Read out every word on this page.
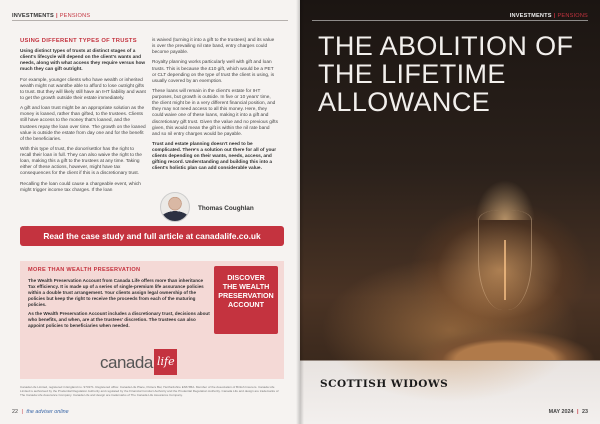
INVESTMENTS | PENSIONS
USING DIFFERENT TYPES OF TRUSTS

Using distinct types of trusts at distinct stages of a client's lifecycle will depend on the client's wants and needs, along with what access they require versus how much they can gift outright.

For example, younger clients who have wealth or inherited wealth might not want/be able to afford to lose outright gifts to trust. But they will likely still have an IHT liability and want to get the growth outside their estate immediately.

A gift and loan trust might be an appropriate solution as the money is loaned, rather than gifted, to the trustees. Clients still have access to the money that's loaned, and the trustees repay the loan over time. The growth on the loaned value is outside the estate from day one and for the benefit of the beneficiaries.

With this type of trust, the donor/settlor has the right to recall their loan in full. They can also waive the right to the loan, making this a gift to the trustees at any time. Taking either of these actions, however, might have tax consequences for the client if this is a discretionary trust.

Recalling the loan could cause a chargeable event, which might trigger income tax charges. If the loan

is waived (turning it into a gift to the trustees) and its value is over the prevailing nil rate band, entry charges could become payable.

Royalty planning works particularly well with gift and loan trusts. This is because the £10 gift, which would be a PET or CLT depending on the type of trust the client is using, is usually covered by an exemption.

These loans will remain in the client's estate for IHT purposes, but growth is outside. In five or 10 years' time, the client might be in a very different financial position, and they may not need access to all this money. Here, they could waive one of these loans, making it into a gift and discretionary gift trust. Given the value and no previous gifts given, this would mean the gift is within the nil rate band and so nil entry charges would be payable.

Trust and estate planning doesn't need to be complicated. There's a solution out there for all of your clients depending on their wants, needs, access, and gifting record. Understanding and building this into a client's holistic plan can add considerable value.

Thomas Coughlan
Read the case study and full article at canadalife.co.uk
MORE THAN WEALTH PRESERVATION

The Wealth Preservation Account from Canada Life offers more than inheritance Tax efficiency. It is made up of a series of single-premium life assurance policies within a double trust arrangement. Your clients assign legal ownership of the policies but keep the right to receive the proceeds from each of the maturing policies.

As the Wealth Preservation Account includes a discretionary trust, decisions about who benefits, and when, are at the trustees' discretion. The trustees can also appoint policies to beneficiaries when needed.

DISCOVER
THE WEALTH
PRESERVATION
ACCOUNT
canada life
Canada Life Limited, registered in England no. 973271. Registered office: Canada Life Place, Potters Bar, Hertfordshire EN6 5BA. Member of the Association of British Insurers. Canada Life Limited is authorised by the Prudential Regulation Authority and regulated by the Financial Conduct Authority and the Prudential Regulation Authority. Canada Life and design are trademarks of The Canada Life Assurance Company. Canada Life and design are trademarks of The Canada Life Assurance Company.
22 | the adviser online
INVESTMENTS | PENSIONS
THE ABOLITION OF THE LIFETIME ALLOWANCE
SCOTTISH WIDOWS
MAY 2024 | 23
